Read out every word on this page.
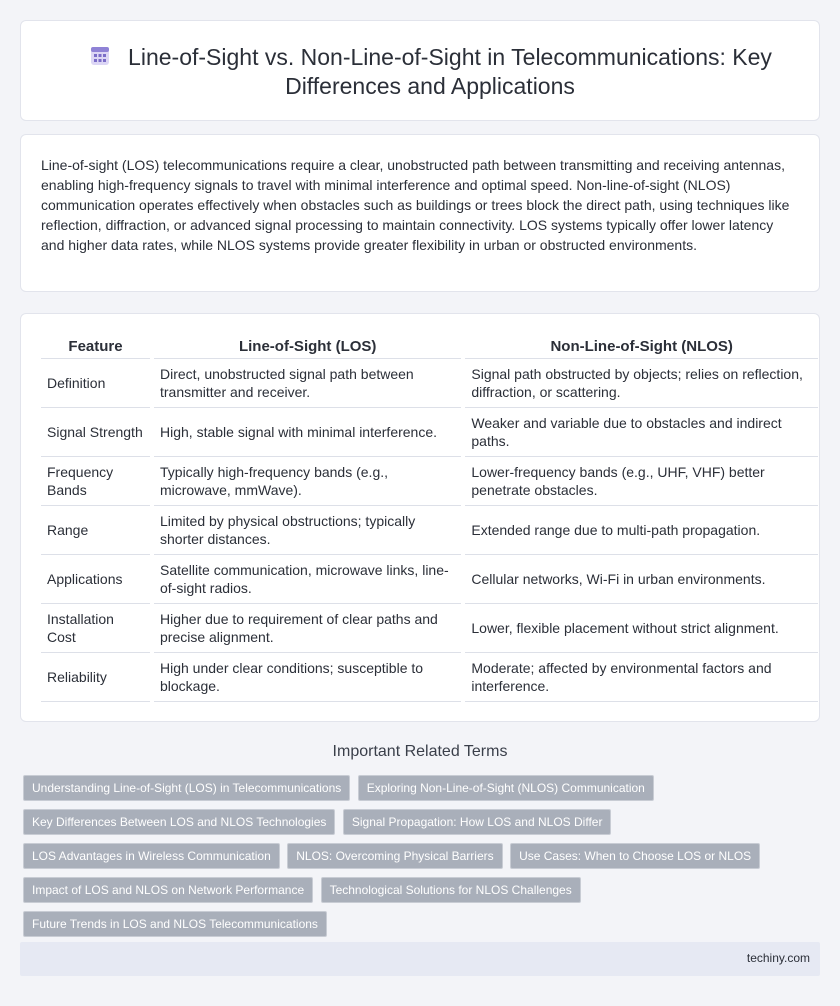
Line-of-Sight vs. Non-Line-of-Sight in Telecommunications: Key Differences and Applications

Line-of-sight (LOS) telecommunications require a clear, unobstructed path between transmitting and receiving antennas, enabling high-frequency signals to travel with minimal interference and optimal speed. Non-line-of-sight (NLOS) communication operates effectively when obstacles such as buildings or trees block the direct path, using techniques like reflection, diffraction, or advanced signal processing to maintain connectivity. LOS systems typically offer lower latency and higher data rates, while NLOS systems provide greater flexibility in urban or obstructed environments.

Feature	Line-of-Sight (LOS)	Non-Line-of-Sight (NLOS)
Definition	Direct, unobstructed signal path between transmitter and receiver.	Signal path obstructed by objects; relies on reflection, diffraction, or scattering.
Signal Strength	High, stable signal with minimal interference.	Weaker and variable due to obstacles and indirect paths.
Frequency Bands	Typically high-frequency bands (e.g., microwave, mmWave).	Lower-frequency bands (e.g., UHF, VHF) better penetrate obstacles.
Range	Limited by physical obstructions; typically shorter distances.	Extended range due to multi-path propagation.
Applications	Satellite communication, microwave links, line-of-sight radios.	Cellular networks, Wi-Fi in urban environments.
Installation Cost	Higher due to requirement of clear paths and precise alignment.	Lower, flexible placement without strict alignment.
Reliability	High under clear conditions; susceptible to blockage.	Moderate; affected by environmental factors and interference.
Important Related Terms
Understanding Line-of-Sight (LOS) in Telecommunications Exploring Non-Line-of-Sight (NLOS) Communication Key Differences Between LOS and NLOS Technologies Signal Propagation: How LOS and NLOS Differ LOS Advantages in Wireless Communication NLOS: Overcoming Physical Barriers Use Cases: When to Choose LOS or NLOS Impact of LOS and NLOS on Network Performance Technological Solutions for NLOS Challenges Future Trends in LOS and NLOS Telecommunications
techiny.com
